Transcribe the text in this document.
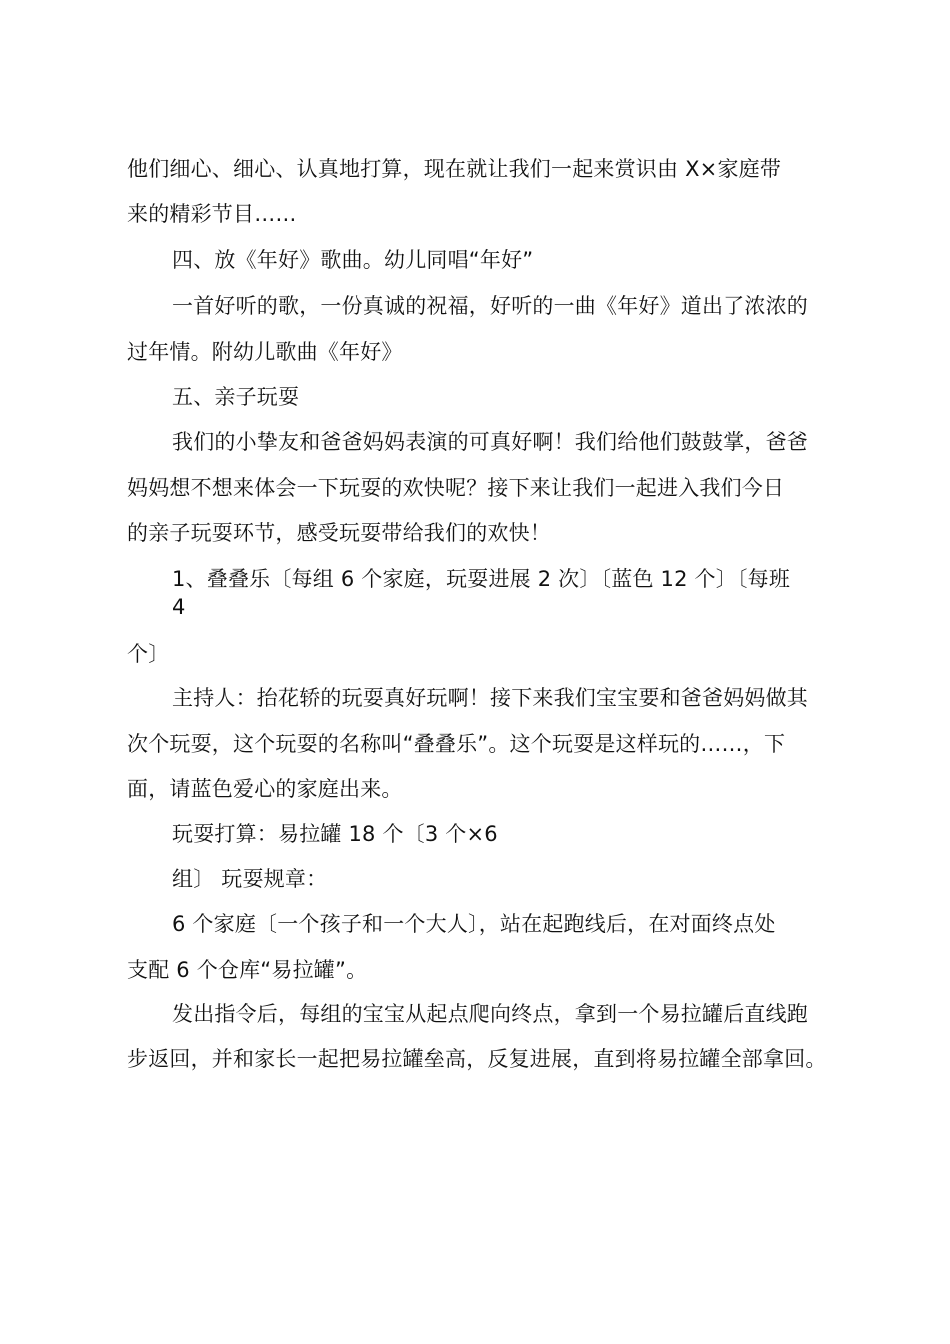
他们细心、细心、认真地打算，现在就让我们一起来赏识由 X×家庭带
来的精彩节目……
四、放《年好》歌曲。幼儿同唱“年好”
一首好听的歌，一份真诚的祝福，好听的一曲《年好》道出了浓浓的
过年情。附幼儿歌曲《年好》
五、亲子玩耍
我们的小挚友和爸爸妈妈表演的可真好啊！我们给他们鼓鼓掌，爸爸
妈妈想不想来体会一下玩耍的欢快呢？接下来让我们一起进入我们今日
的亲子玩耍环节，感受玩耍带给我们的欢快！
1、叠叠乐〔每组 6 个家庭，玩耍进展 2 次〕〔蓝色 12 个〕〔每班
4
个〕
主持人：抬花轿的玩耍真好玩啊！接下来我们宝宝要和爸爸妈妈做其
次个玩耍，这个玩耍的名称叫“叠叠乐”。这个玩耍是这样玩的……，下
面，请蓝色爱心的家庭出来。
玩耍打算：易拉罐 18 个〔3 个×6
组〕 玩耍规章：
6 个家庭〔一个孩子和一个大人〕，站在起跑线后，在对面终点处
支配 6 个仓库“易拉罐”。
发出指令后，每组的宝宝从起点爬向终点，拿到一个易拉罐后直线跑
步返回，并和家长一起把易拉罐垒高，反复进展，直到将易拉罐全部拿回。
